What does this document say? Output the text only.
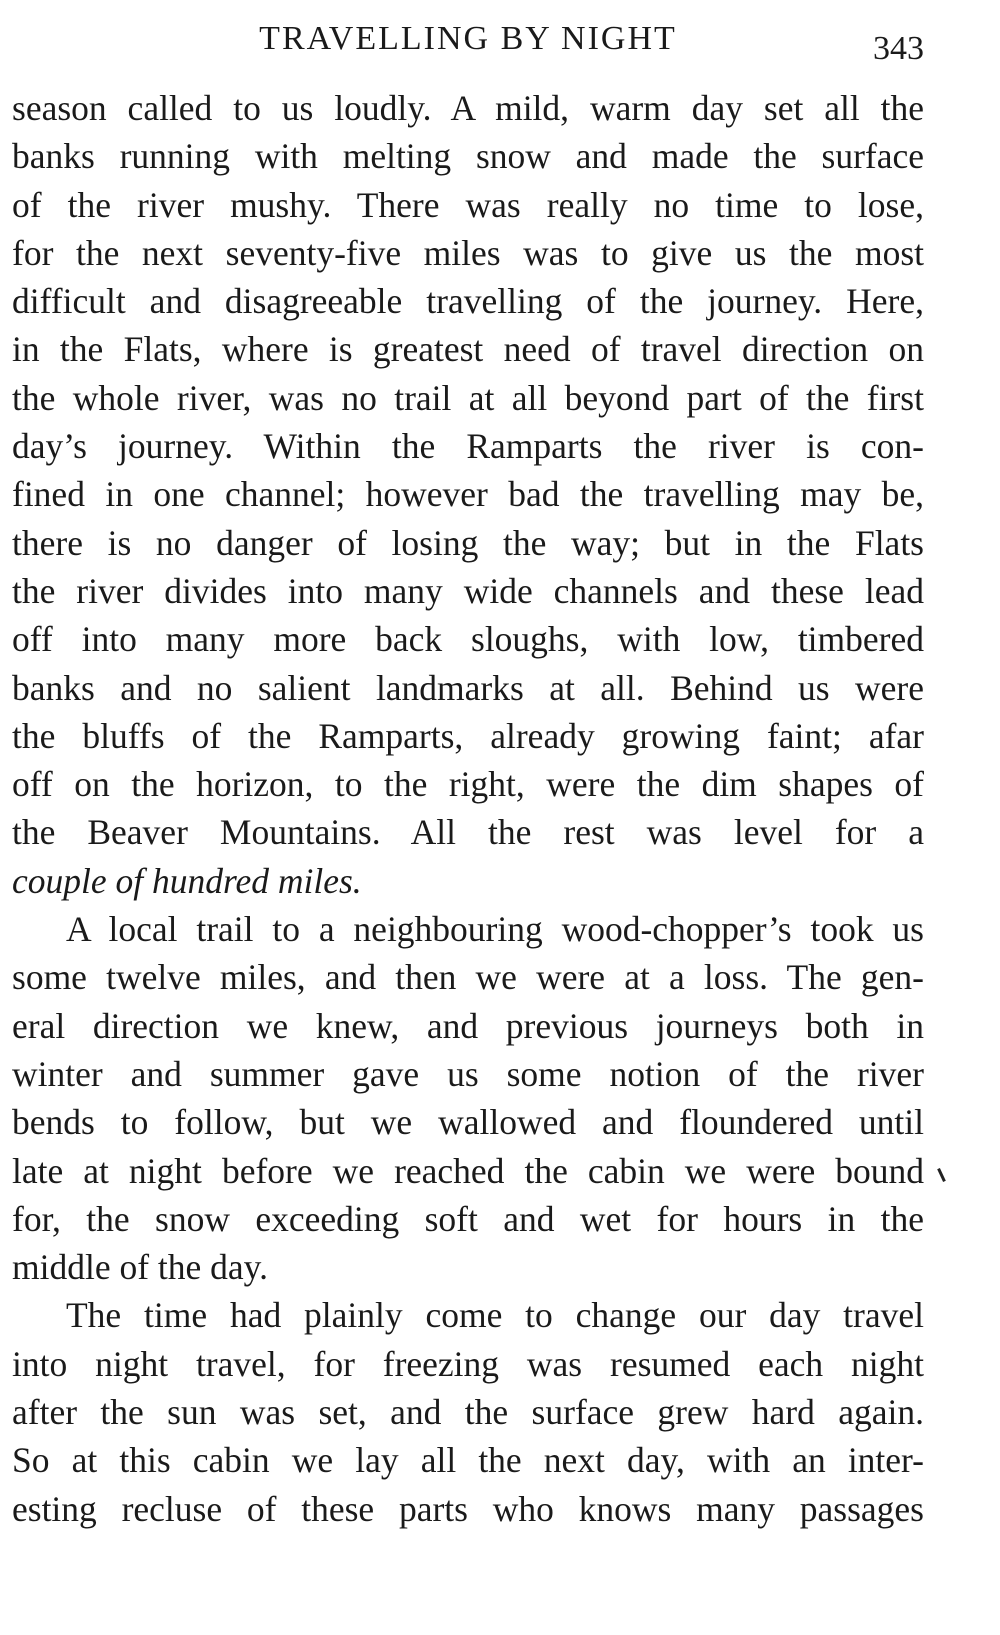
TRAVELLING BY NIGHT	343

season called to us loudly. A mild, warm day set all the
banks running with melting snow and made the surface
of the river mushy. There was really no time to lose,
for the next seventy-five miles was to give us the most
difficult and disagreeable travelling of the journey. Here,
in the Flats, where is greatest need of travel direction on
the whole river, was no trail at all beyond part of the first
day’s journey. Within the Ramparts the river is con-
fined in one channel; however bad the travelling may be,
there is no danger of losing the way; but in the Flats
the river divides into many wide channels and these lead
off into many more back sloughs, with low, timbered
banks and no salient landmarks at all. Behind us were
the bluffs of the Ramparts, already growing faint; afar
off on the horizon, to the right, were the dim shapes of
the Beaver Mountains. All the rest was level for a
couple of hundred miles.

A local trail to a neighbouring wood-chopper’s took us
some twelve miles, and then we were at a loss. The gen-
eral direction we knew, and previous journeys both in
winter and summer gave us some notion of the river
bends to follow, but we wallowed and floundered until
late at night before we reached the cabin we were bound
for, the snow exceeding soft and wet for hours in the
middle of the day.

The time had plainly come to change our day travel
into night travel, for freezing was resumed each night
after the sun was set, and the surface grew hard again.
So at this cabin we lay all the next day, with an inter-
esting recluse of these parts who knows many passages
